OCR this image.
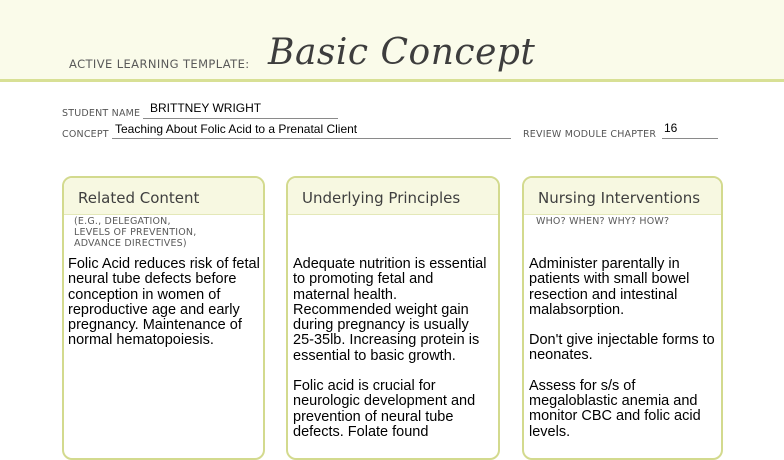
ACTIVE LEARNING TEMPLATE: Basic Concept
STUDENT NAME BRITTNEY WRIGHT
CONCEPT Teaching About Folic Acid to a Prenatal Client	REVIEW MODULE CHAPTER 16
Related Content
(E.G., DELEGATION,
LEVELS OF PREVENTION,
ADVANCE DIRECTIVES)

Folic Acid reduces risk of fetal neural tube defects before conception in women of reproductive age and early pregnancy. Maintenance of normal hematopoiesis.

Underlying Principles

Adequate nutrition is essential to promoting fetal and maternal health. Recommended weight gain during pregnancy is usually 25-35lb. Increasing protein is essential to basic growth.

Folic acid is crucial for neurologic development and prevention of neural tube defects. Folate found

Nursing Interventions
WHO? WHEN? WHY? HOW?

Administer parentally in patients with small bowel resection and intestinal malabsorption.

Don't give injectable forms to neonates.

Assess for s/s of megaloblastic anemia and monitor CBC and folic acid levels.
